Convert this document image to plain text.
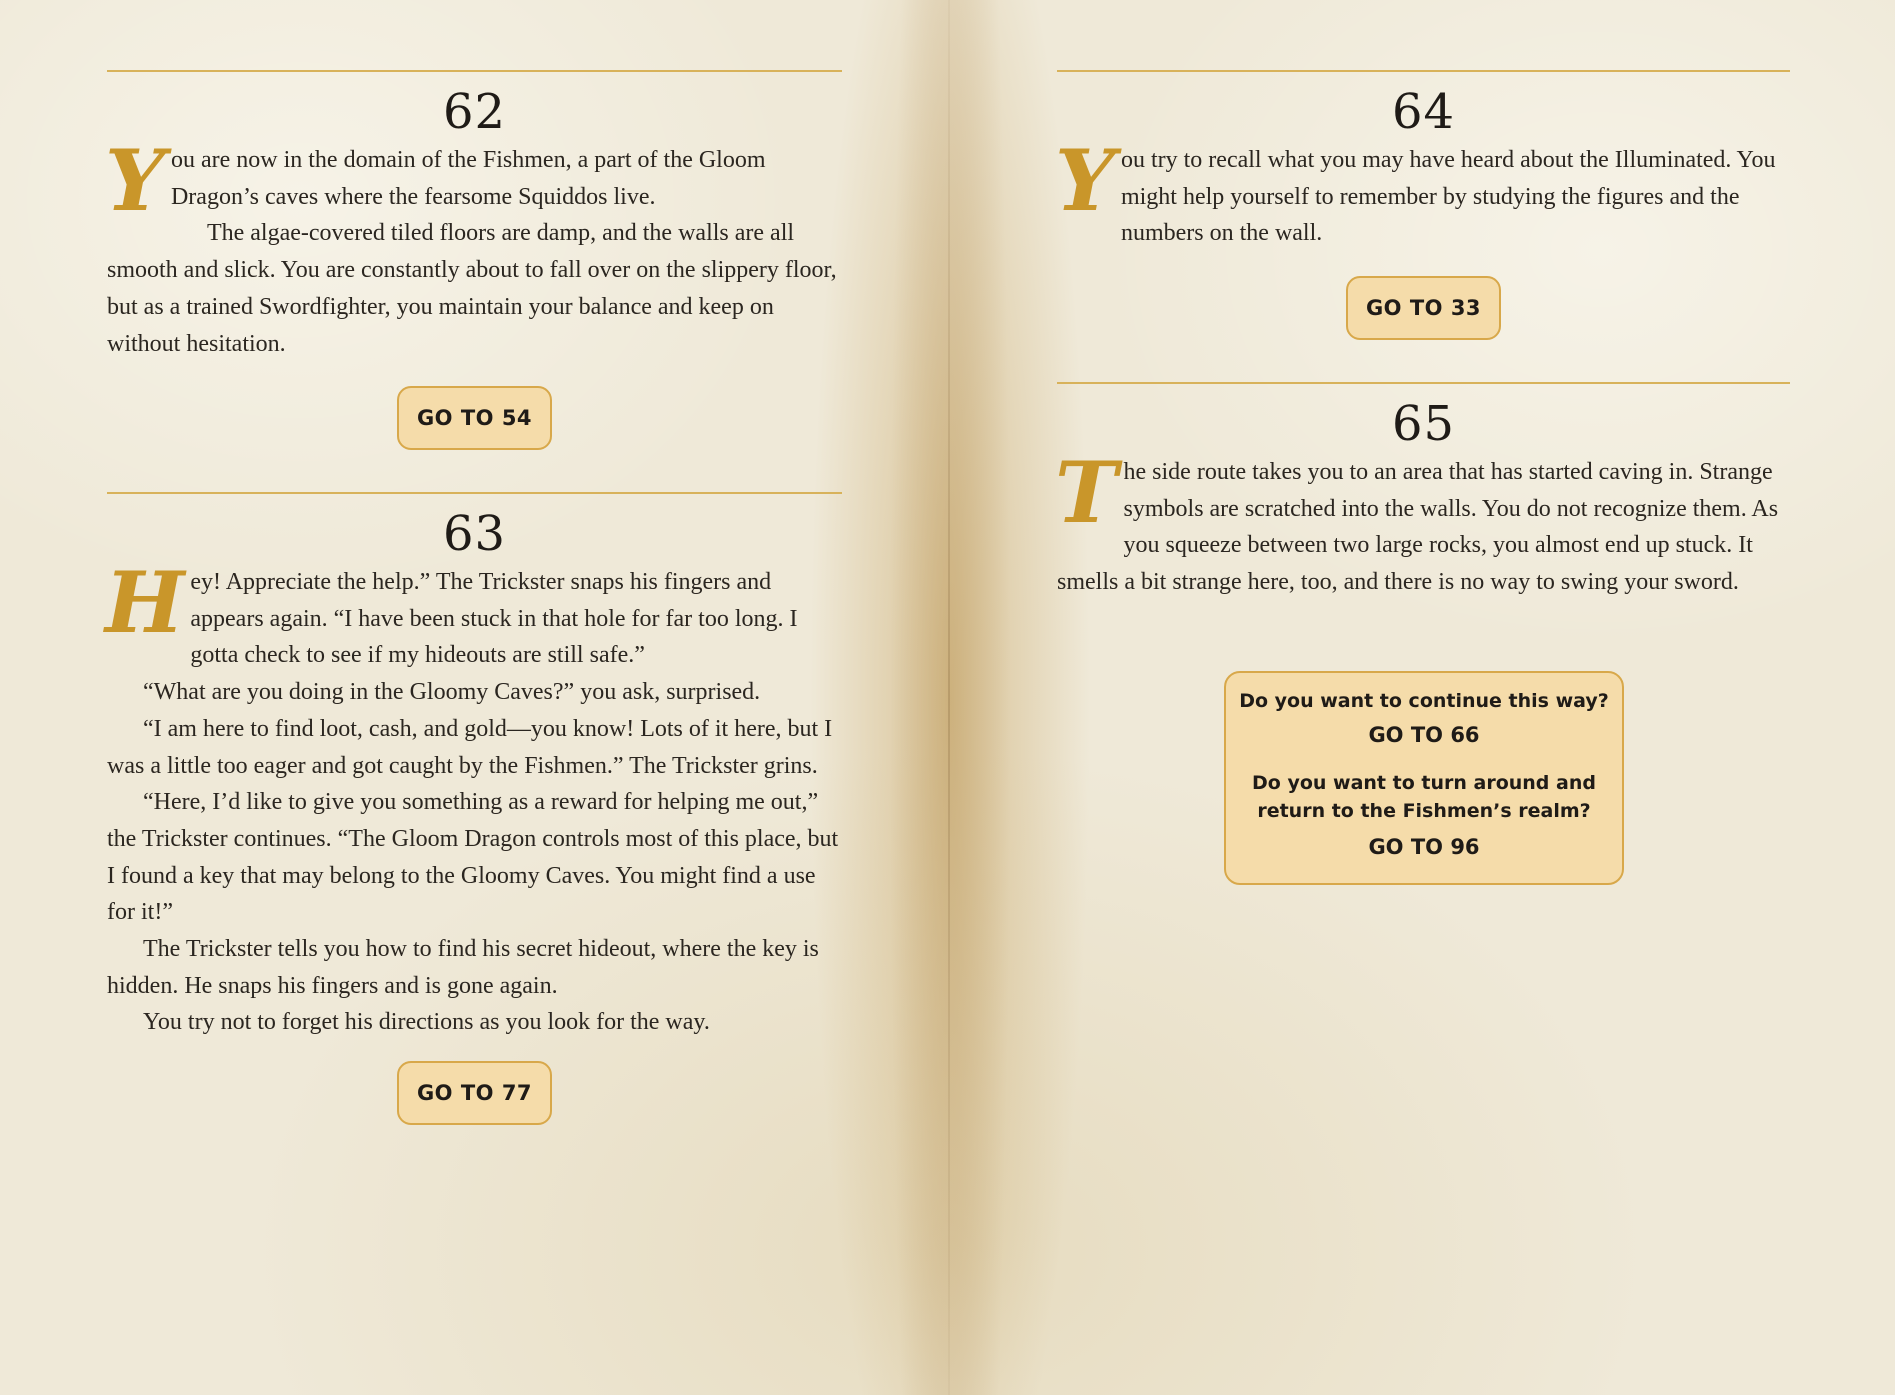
62

You are now in the domain of the Fishmen, a part of the Gloom Dragon’s caves where the fearsome Squiddos live.

The algae-covered tiled floors are damp, and the walls are all smooth and slick. You are constantly about to fall over on the slippery floor, but as a trained Swordfighter, you maintain your balance and keep on without hesitation.

GO TO 54
63

Hey! Appreciate the help.” The Trickster snaps his fingers and appears again. “I have been stuck in that hole for far too long. I gotta check to see if my hideouts are still safe.”

“What are you doing in the Gloomy Caves?” you ask, surprised.

“I am here to find loot, cash, and gold—you know! Lots of it here, but I was a little too eager and got caught by the Fishmen.” The Trickster grins.

“Here, I’d like to give you something as a reward for helping me out,” the Trickster continues. “The Gloom Dragon controls most of this place, but I found a key that may belong to the Gloomy Caves. You might find a use for it!”

The Trickster tells you how to find his secret hideout, where the key is hidden. He snaps his fingers and is gone again.

You try not to forget his directions as you look for the way.

GO TO 77
64

You try to recall what you may have heard about the Illuminated. You might help yourself to remember by studying the figures and the numbers on the wall.

GO TO 33
65

The side route takes you to an area that has started caving in. Strange symbols are scratched into the walls. You do not recognize them. As you squeeze between two large rocks, you almost end up stuck. It smells a bit strange here, too, and there is no way to swing your sword.

Do you want to continue this way?
GO TO 66
Do you want to turn around and return to the Fishmen’s realm?
GO TO 96
